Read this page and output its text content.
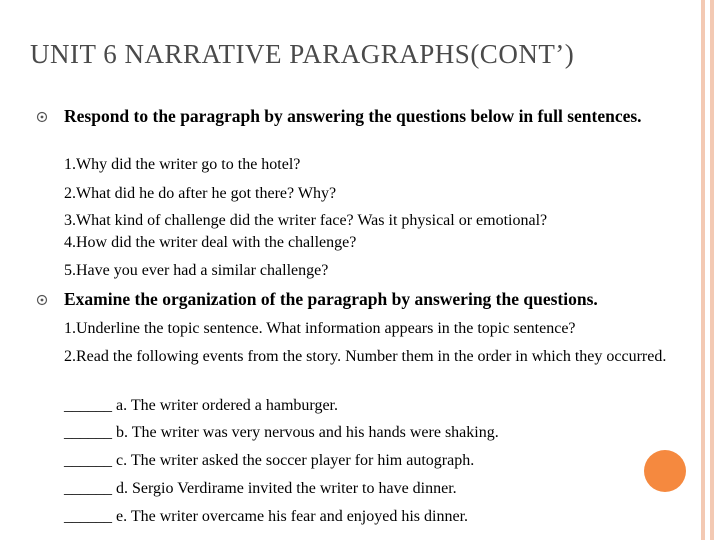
UNIT 6 NARRATIVE PARAGRAPHS(CONT’)
Respond to the paragraph by answering the questions below in full sentences.
1.Why did the writer go to the hotel?
2.What did he do after he got there? Why?
3.What kind of challenge did the writer face? Was it physical or emotional?
4.How did the writer deal with the challenge?
5.Have you ever had a similar challenge?
Examine the organization of the paragraph by answering the questions.
1.Underline the topic sentence. What information appears in the topic sentence?
2.Read the following events from the story. Number them in the order in which they occurred.
______ a. The writer ordered a hamburger.
______ b. The writer was very nervous and his hands were shaking.
______ c. The writer asked the soccer player for him autograph.
______ d. Sergio Verdirame invited the writer to have dinner.
______ e. The writer overcame his fear and enjoyed his dinner.
